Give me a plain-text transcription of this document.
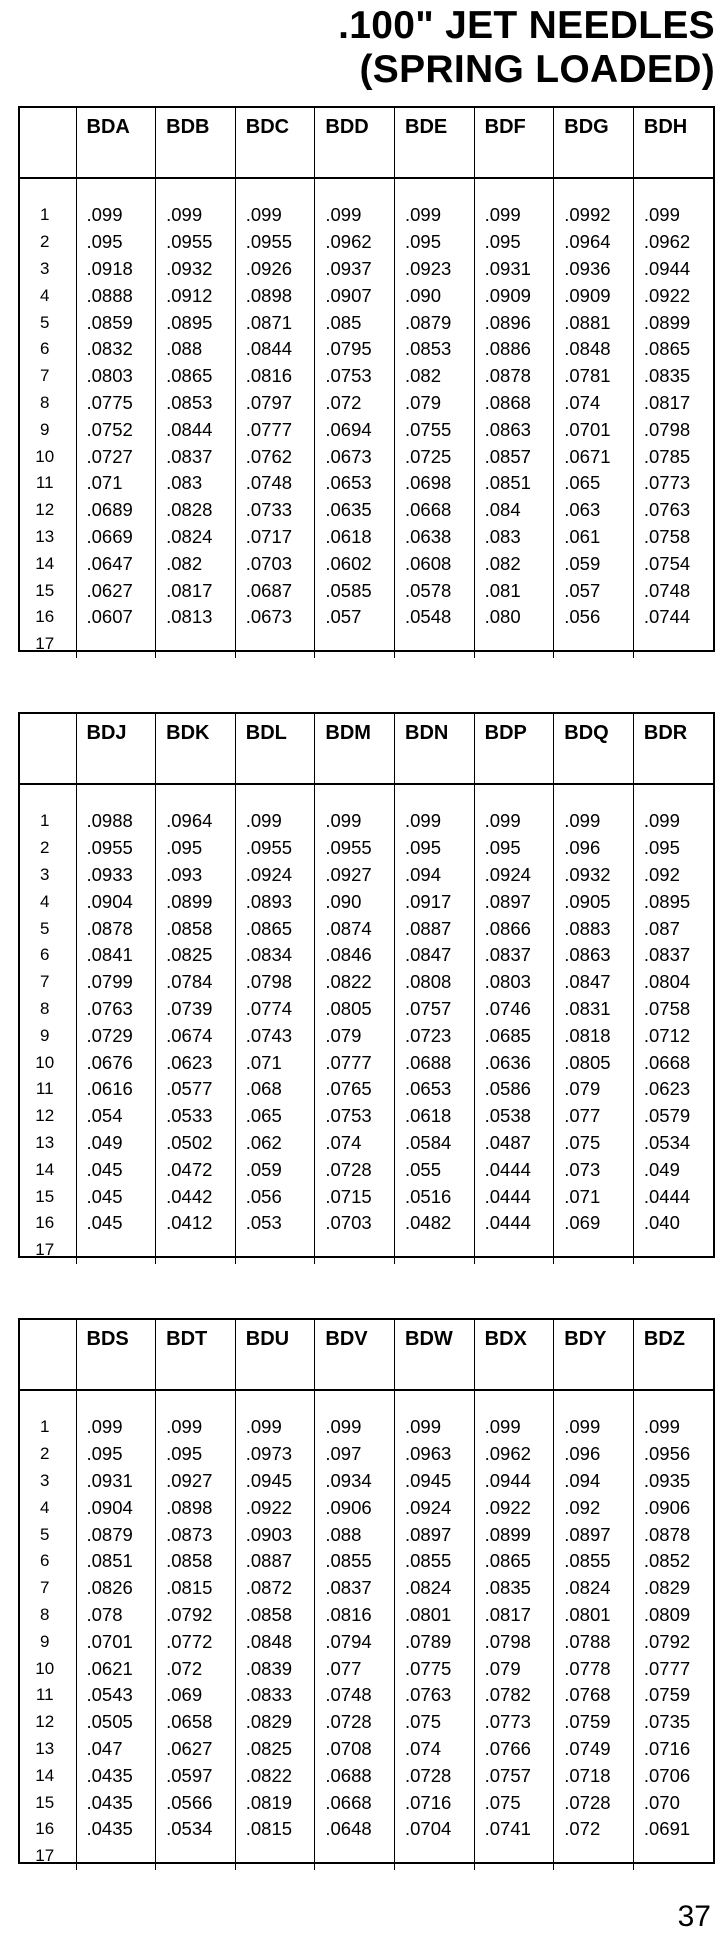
.100" JET NEEDLES
(SPRING LOADED)
	BDA	BDB	BDC	BDD	BDE	BDF	BDG	BDH

1	.099	.099	.099	.099	.099	.099	.0992	.099
2	.095	.0955	.0955	.0962	.095	.095	.0964	.0962
3	.0918	.0932	.0926	.0937	.0923	.0931	.0936	.0944
4	.0888	.0912	.0898	.0907	.090	.0909	.0909	.0922
5	.0859	.0895	.0871	.085	.0879	.0896	.0881	.0899
6	.0832	.088	.0844	.0795	.0853	.0886	.0848	.0865
7	.0803	.0865	.0816	.0753	.082	.0878	.0781	.0835
8	.0775	.0853	.0797	.072	.079	.0868	.074	.0817
9	.0752	.0844	.0777	.0694	.0755	.0863	.0701	.0798
10	.0727	.0837	.0762	.0673	.0725	.0857	.0671	.0785
11	.071	.083	.0748	.0653	.0698	.0851	.065	.0773
12	.0689	.0828	.0733	.0635	.0668	.084	.063	.0763
13	.0669	.0824	.0717	.0618	.0638	.083	.061	.0758
14	.0647	.082	.0703	.0602	.0608	.082	.059	.0754
15	.0627	.0817	.0687	.0585	.0578	.081	.057	.0748
16	.0607	.0813	.0673	.057	.0548	.080	.056	.0744
17								
	BDJ	BDK	BDL	BDM	BDN	BDP	BDQ	BDR

1	.0988	.0964	.099	.099	.099	.099	.099	.099
2	.0955	.095	.0955	.0955	.095	.095	.096	.095
3	.0933	.093	.0924	.0927	.094	.0924	.0932	.092
4	.0904	.0899	.0893	.090	.0917	.0897	.0905	.0895
5	.0878	.0858	.0865	.0874	.0887	.0866	.0883	.087
6	.0841	.0825	.0834	.0846	.0847	.0837	.0863	.0837
7	.0799	.0784	.0798	.0822	.0808	.0803	.0847	.0804
8	.0763	.0739	.0774	.0805	.0757	.0746	.0831	.0758
9	.0729	.0674	.0743	.079	.0723	.0685	.0818	.0712
10	.0676	.0623	.071	.0777	.0688	.0636	.0805	.0668
11	.0616	.0577	.068	.0765	.0653	.0586	.079	.0623
12	.054	.0533	.065	.0753	.0618	.0538	.077	.0579
13	.049	.0502	.062	.074	.0584	.0487	.075	.0534
14	.045	.0472	.059	.0728	.055	.0444	.073	.049
15	.045	.0442	.056	.0715	.0516	.0444	.071	.0444
16	.045	.0412	.053	.0703	.0482	.0444	.069	.040
17								
	BDS	BDT	BDU	BDV	BDW	BDX	BDY	BDZ

1	.099	.099	.099	.099	.099	.099	.099	.099
2	.095	.095	.0973	.097	.0963	.0962	.096	.0956
3	.0931	.0927	.0945	.0934	.0945	.0944	.094	.0935
4	.0904	.0898	.0922	.0906	.0924	.0922	.092	.0906
5	.0879	.0873	.0903	.088	.0897	.0899	.0897	.0878
6	.0851	.0858	.0887	.0855	.0855	.0865	.0855	.0852
7	.0826	.0815	.0872	.0837	.0824	.0835	.0824	.0829
8	.078	.0792	.0858	.0816	.0801	.0817	.0801	.0809
9	.0701	.0772	.0848	.0794	.0789	.0798	.0788	.0792
10	.0621	.072	.0839	.077	.0775	.079	.0778	.0777
11	.0543	.069	.0833	.0748	.0763	.0782	.0768	.0759
12	.0505	.0658	.0829	.0728	.075	.0773	.0759	.0735
13	.047	.0627	.0825	.0708	.074	.0766	.0749	.0716
14	.0435	.0597	.0822	.0688	.0728	.0757	.0718	.0706
15	.0435	.0566	.0819	.0668	.0716	.075	.0728	.070
16	.0435	.0534	.0815	.0648	.0704	.0741	.072	.0691
17								
37
